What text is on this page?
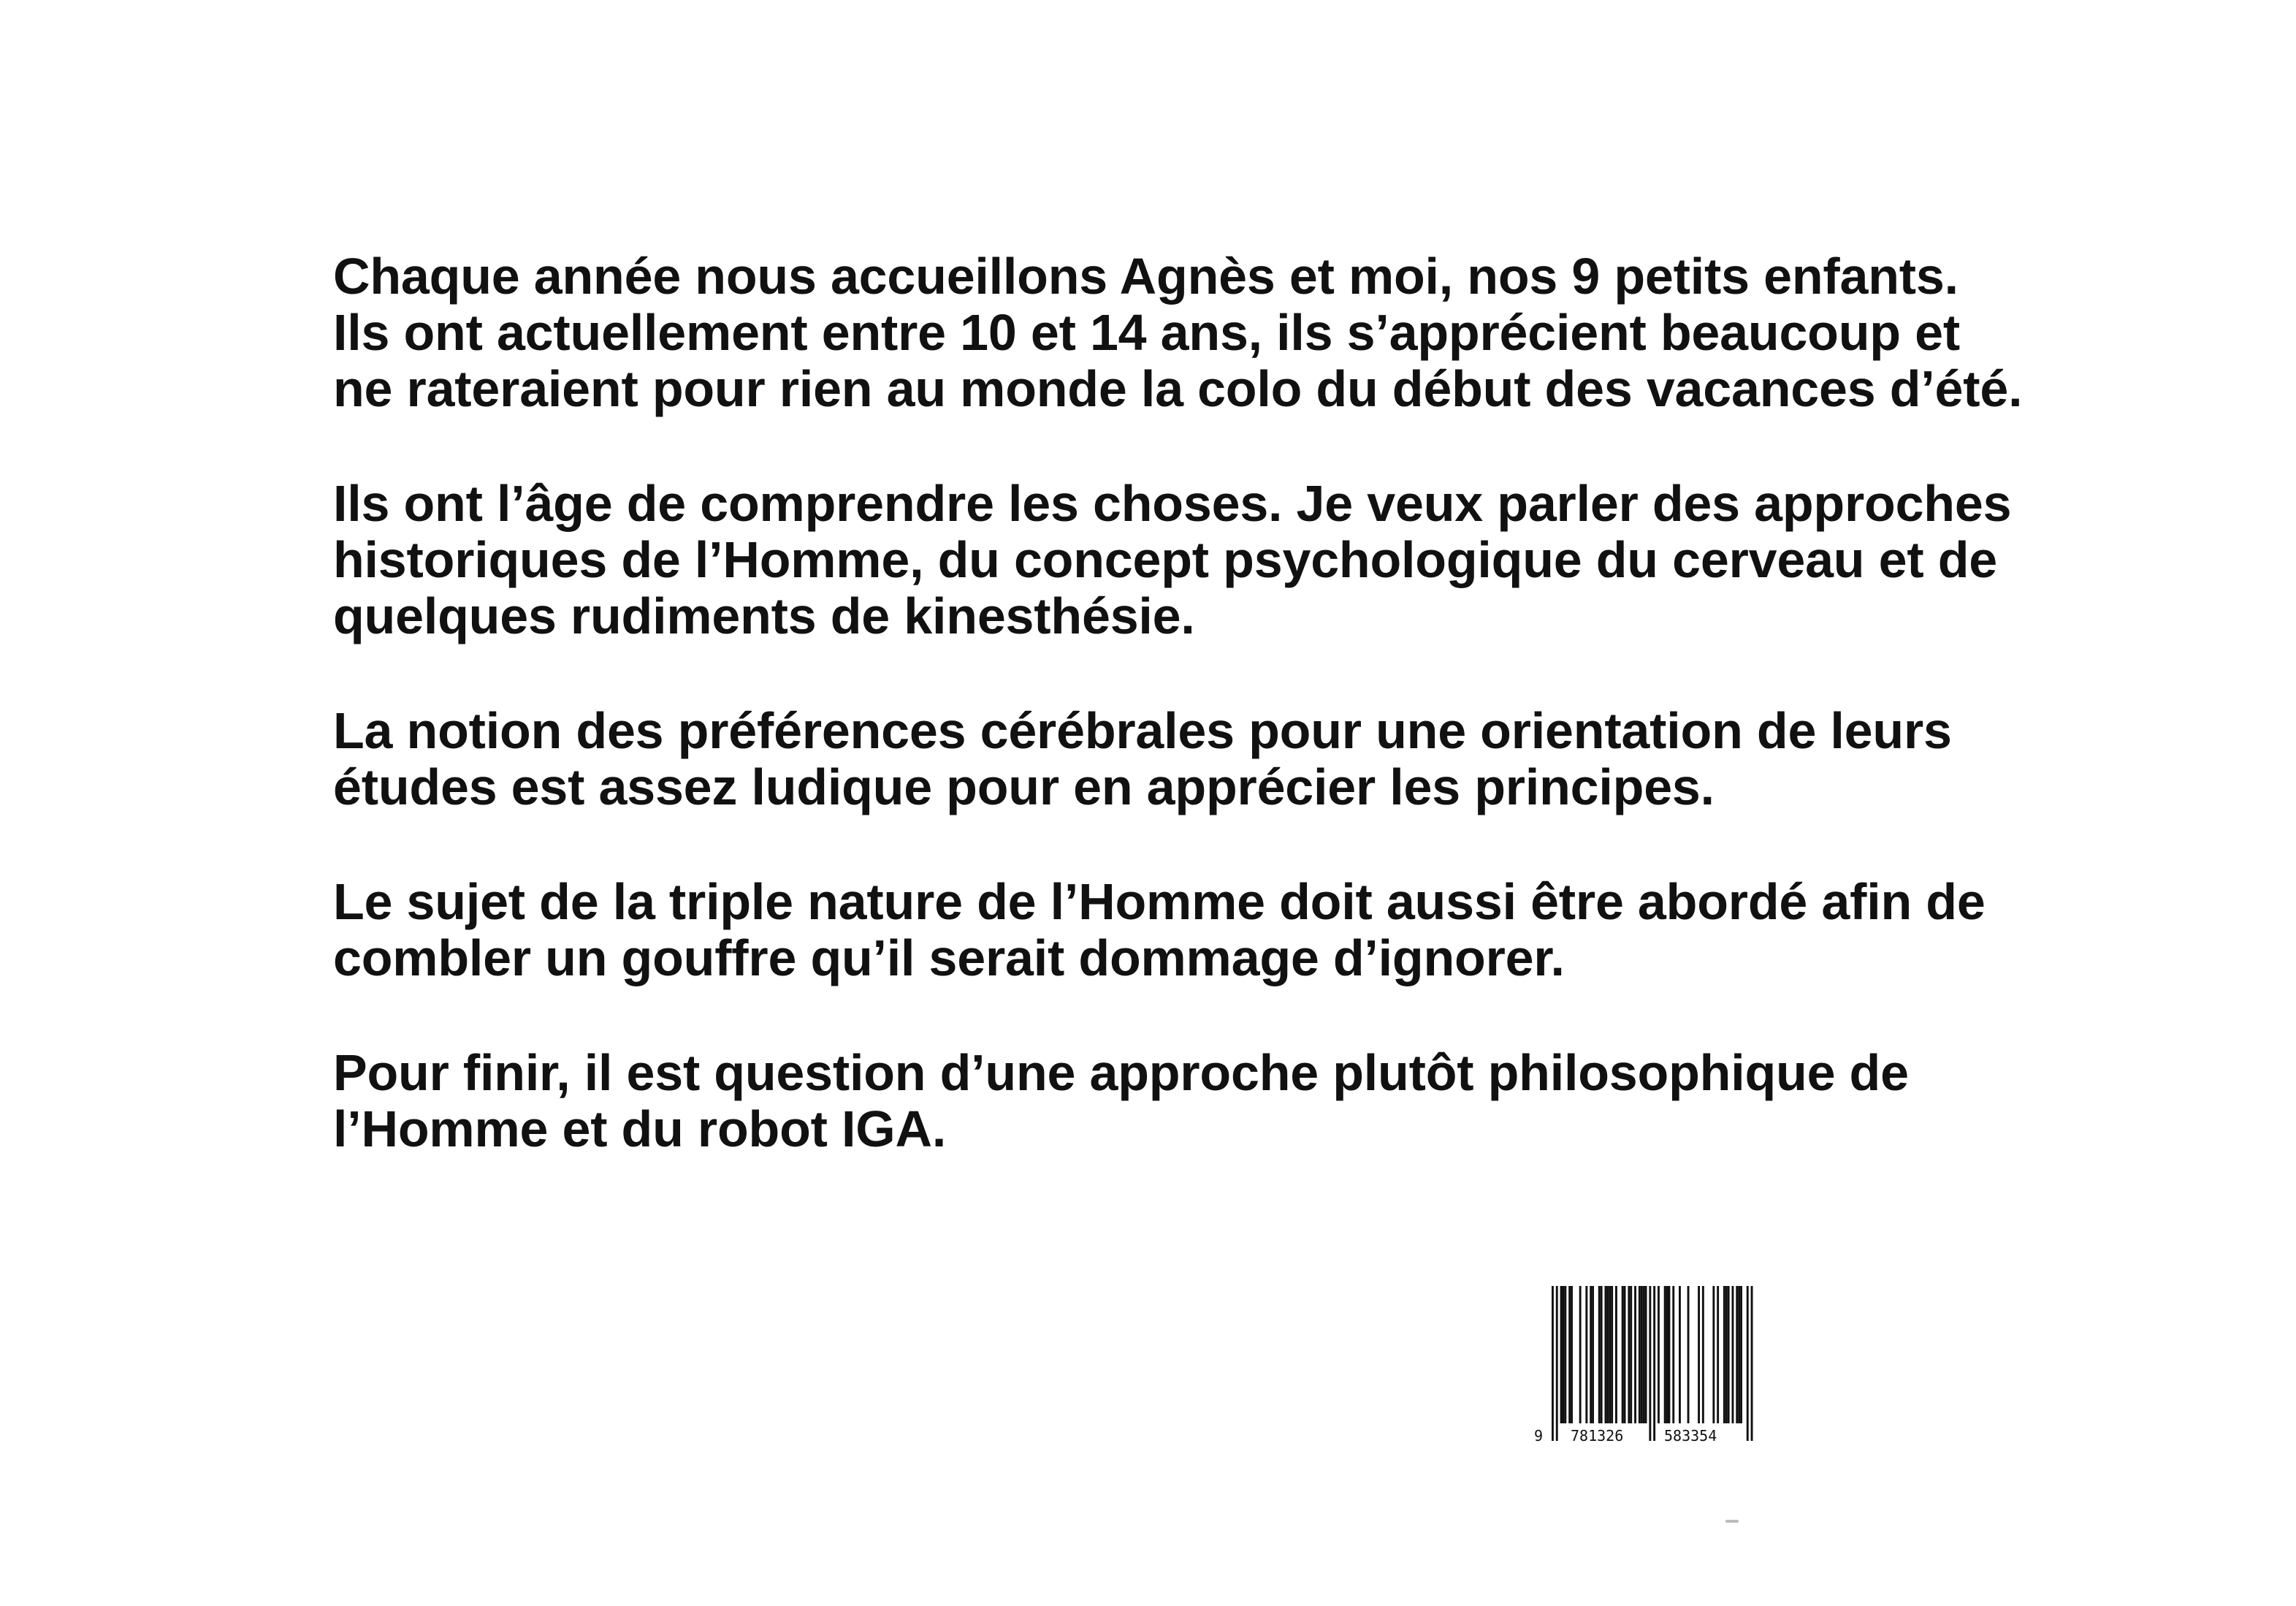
Chaque année nous accueillons Agnès et moi, nos 9 petits enfants.
Ils ont actuellement entre 10 et 14 ans, ils s’apprécient beaucoup et
ne rateraient pour rien au monde la colo du début des vacances d’été.

Ils ont l’âge de comprendre les choses. Je veux parler des approches
historiques de l’Homme, du concept psychologique du cerveau et de
quelques rudiments de kinesthésie.

La notion des préférences cérébrales pour une orientation de leurs
études est assez ludique pour en apprécier les principes.

Le sujet de la triple nature de l’Homme doit aussi être abordé afin de
combler un gouffre qu’il serait dommage d’ignorer.

Pour finir, il est question d’une approche plutôt philosophique de
l’Homme et du robot IGA.

9 781326	583354
